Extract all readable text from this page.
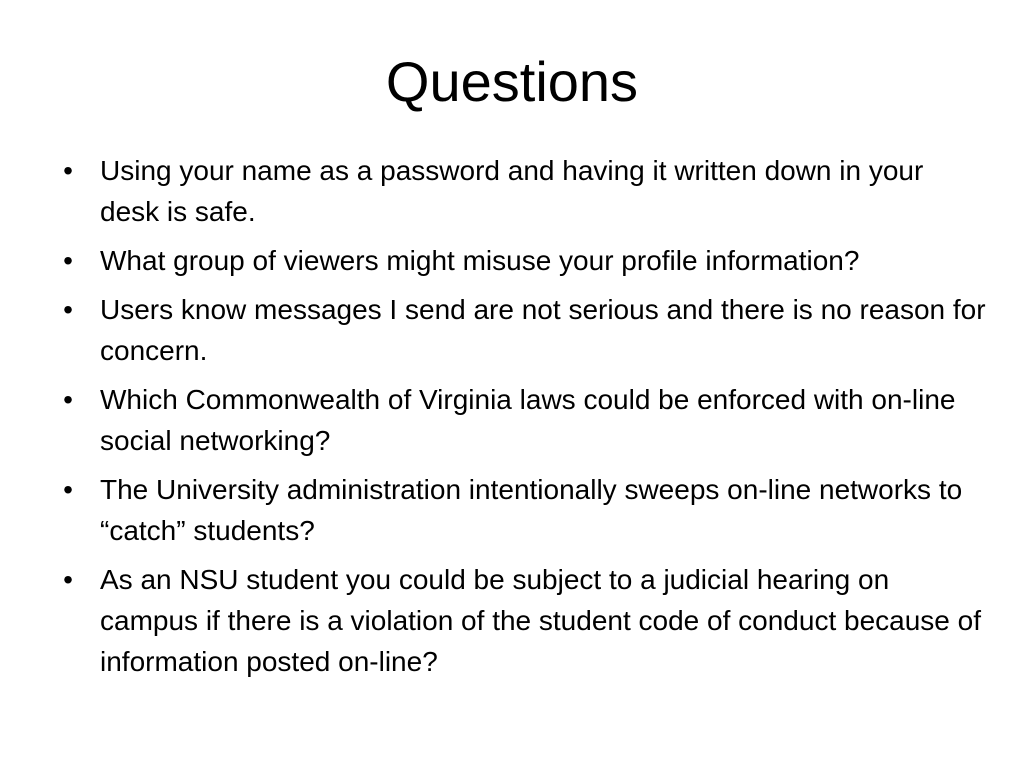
Questions
• Using your name as a password and having it written down in your desk is safe.
• What group of viewers might misuse your profile information?
• Users know messages I send are not serious and there is no reason for concern.
• Which Commonwealth of Virginia laws could be enforced with on-line social networking?
• The University administration intentionally sweeps on-line networks to “catch” students?
• As an NSU student you could be subject to a judicial hearing on campus if there is a violation of the student code of conduct because of information posted on-line?
